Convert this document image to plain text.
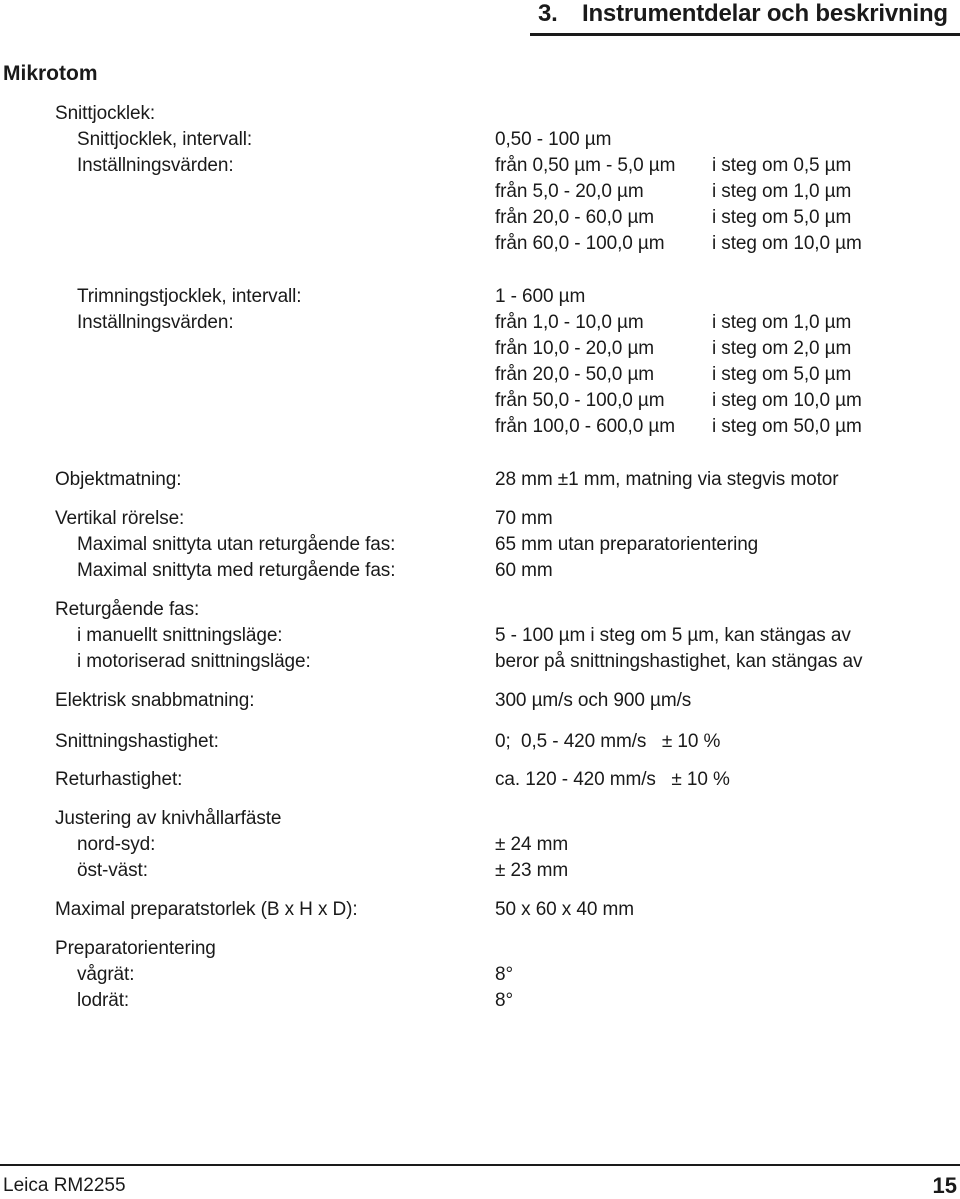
3. Instrumentdelar och beskrivning
Mikrotom
Snittjocklek:
Snittjocklek, intervall:	0,50 - 100 µm
Inställningsvärden:	från 0,50 µm - 5,0 µm i steg om 0,5 µm
från 5,0 - 20,0 µm	i steg om 1,0 µm
från 20,0 - 60,0 µm	i steg om 5,0 µm
från 60,0 - 100,0 µm	i steg om 10,0 µm
Trimningstjocklek, intervall:	1 - 600 µm
Inställningsvärden:	från 1,0 - 10,0 µm	i steg om 1,0 µm
från 10,0 - 20,0 µm	i steg om 2,0 µm
från 20,0 - 50,0 µm	i steg om 5,0 µm
från 50,0 - 100,0 µm	i steg om 10,0 µm
från 100,0 - 600,0 µm i steg om 50,0 µm
Objektmatning:	28 mm ±1 mm, matning via stegvis motor
Vertikal rörelse:	70 mm
Maximal snittyta utan returgående fas:	65 mm utan preparatorientering
Maximal snittyta med returgående fas:	60 mm
Returgående fas:
i manuellt snittningsläge:	5 - 100 µm i steg om 5 µm, kan stängas av
i motoriserad snittningsläge:	beror på snittningshastighet, kan stängas av
Elektrisk snabbmatning:	300 µm/s och 900 µm/s
Snittningshastighet:	0;  0,5 - 420 mm/s   ± 10 %
Returhastighet:	ca. 120 - 420 mm/s   ± 10 %
Justering av knivhållarfäste
nord-syd:	± 24 mm
öst-väst:	± 23 mm
Maximal preparatstorlek (B x H x D):	50 x 60 x 40 mm
Preparatorientering
vågrät:	8°
lodrät:	8°
Leica RM2255	15
